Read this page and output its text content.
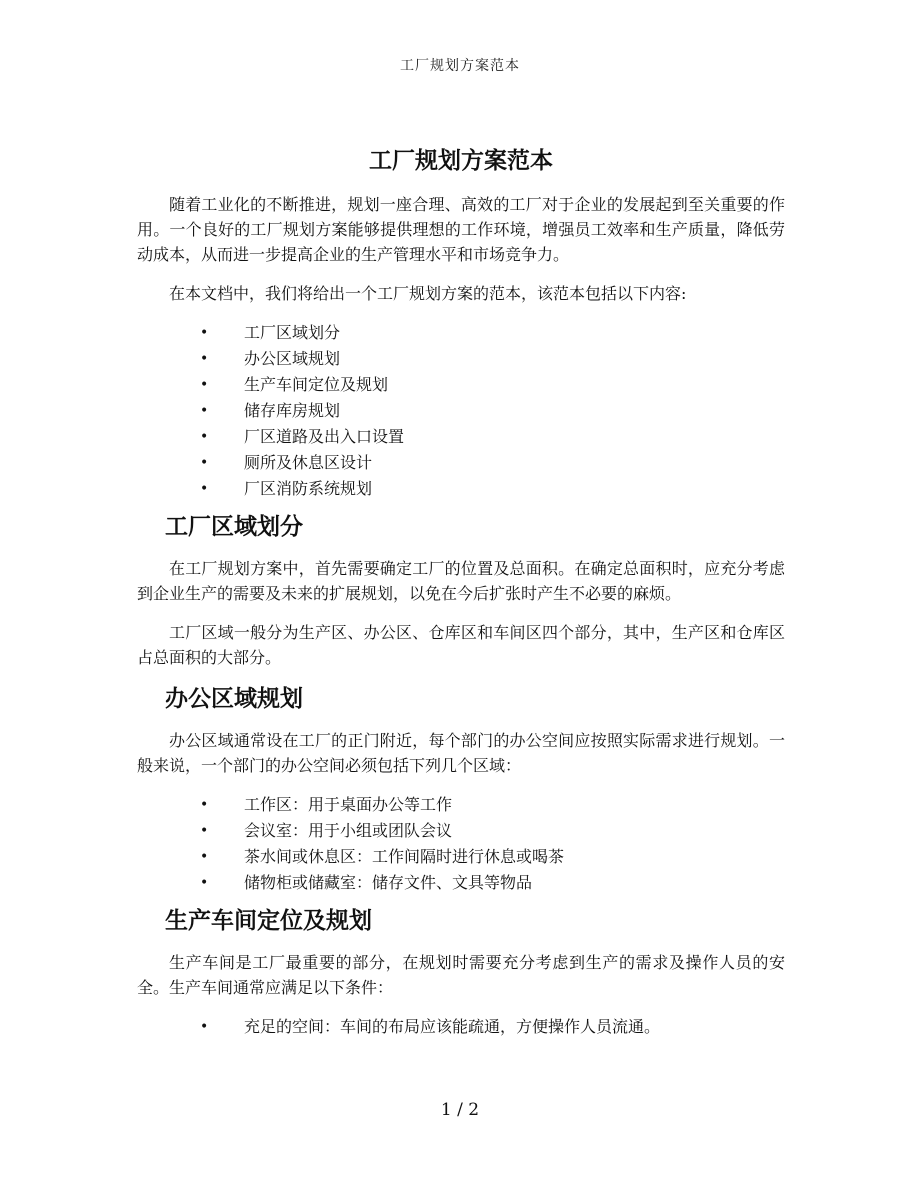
工厂规划方案范本
工厂规划方案范本

随着工业化的不断推进，规划一座合理、高效的工厂对于企业的发展起到至关重要的作用。一个良好的工厂规划方案能够提供理想的工作环境，增强员工效率和生产质量，降低劳动成本，从而进一步提高企业的生产管理水平和市场竞争力。

在本文档中，我们将给出一个工厂规划方案的范本，该范本包括以下内容:

• 工厂区域划分
• 办公区域规划
• 生产车间定位及规划
• 储存库房规划
• 厂区道路及出入口设置
• 厕所及休息区设计
• 厂区消防系统规划
工厂区域划分

在工厂规划方案中，首先需要确定工厂的位置及总面积。在确定总面积时，应充分考虑到企业生产的需要及未来的扩展规划，以免在今后扩张时产生不必要的麻烦。

工厂区域一般分为生产区、办公区、仓库区和车间区四个部分，其中，生产区和仓库区占总面积的大部分。

办公区域规划

办公区域通常设在工厂的正门附近，每个部门的办公空间应按照实际需求进行规划。一般来说，一个部门的办公空间必须包括下列几个区域：

• 工作区：用于桌面办公等工作
• 会议室：用于小组或团队会议
• 茶水间或休息区：工作间隔时进行休息或喝茶
• 储物柜或储藏室：储存文件、文具等物品
生产车间定位及规划

生产车间是工厂最重要的部分，在规划时需要充分考虑到生产的需求及操作人员的安全。生产车间通常应满足以下条件：

• 充足的空间：车间的布局应该能疏通，方便操作人员流通。
1 / 2
